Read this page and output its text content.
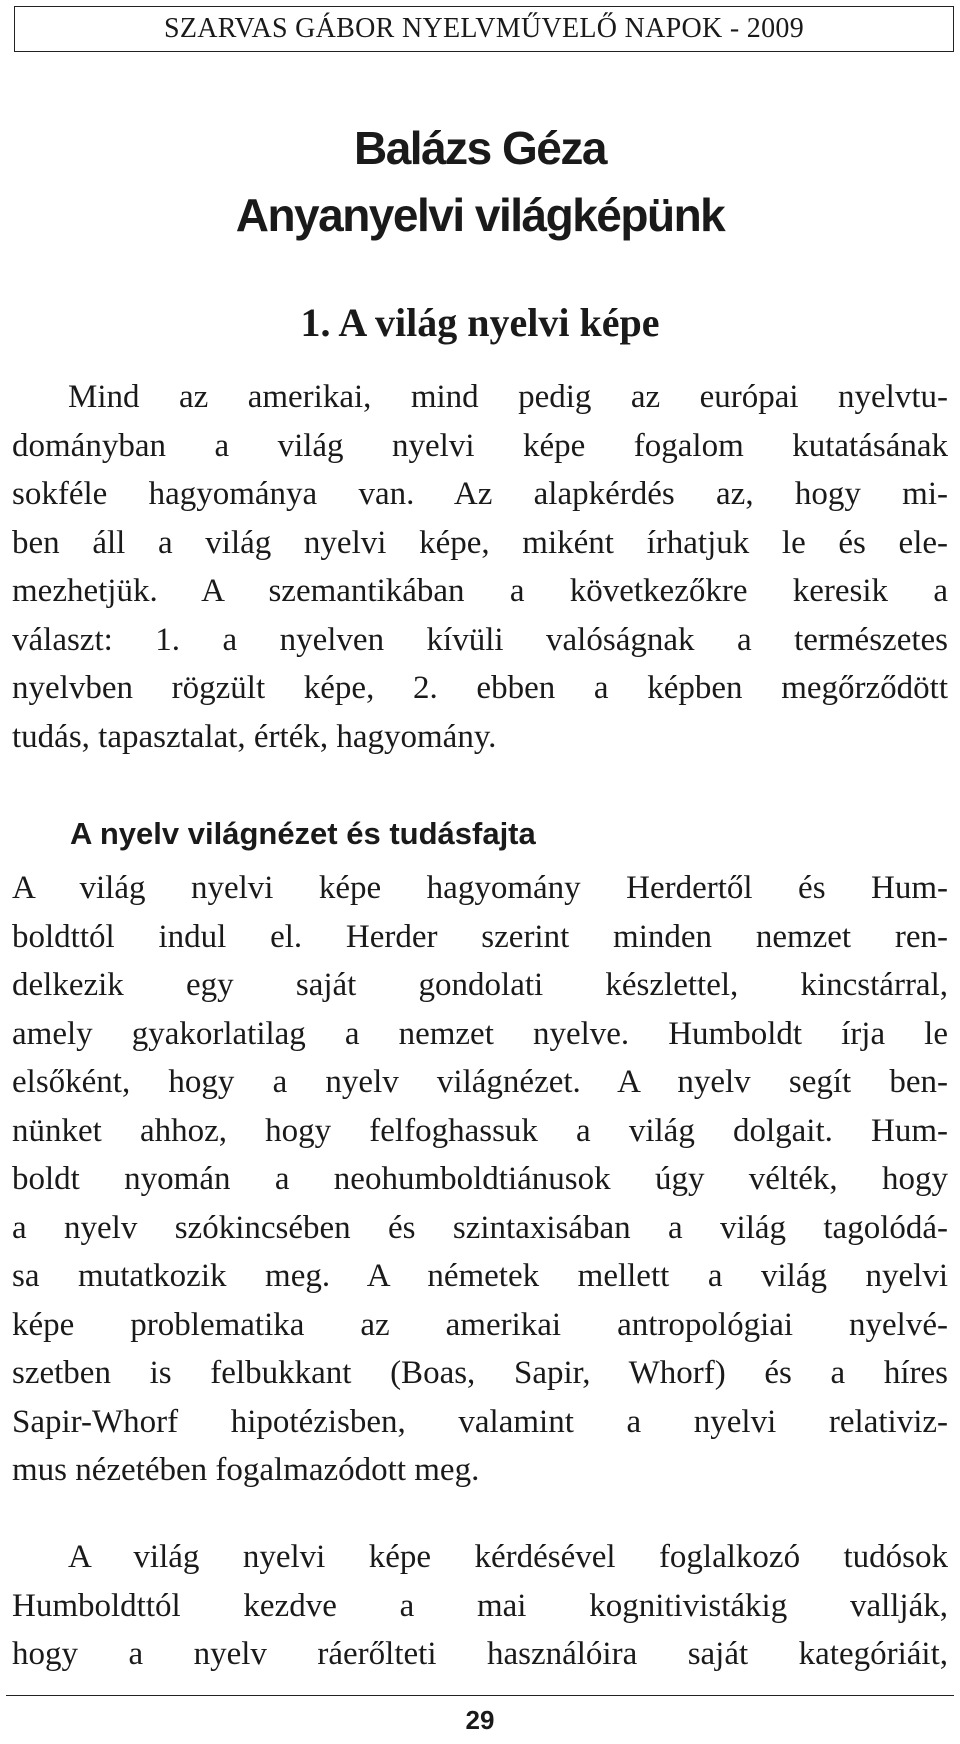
SZARVAS GÁBOR NYELVMŰVELŐ NAPOK - 2009
Balázs Géza
Anyanyelvi világképünk
1. A világ nyelvi képe
Mind az amerikai, mind pedig az európai nyelvtu-
dományban a világ nyelvi képe fogalom kutatásának
sokféle hagyománya van. Az alapkérdés az, hogy mi-
ben áll a világ nyelvi képe, miként írhatjuk le és ele-
mezhetjük. A szemantikában a következőkre keresik a
választ: 1. a nyelven kívüli valóságnak a természetes
nyelvben rögzült képe, 2. ebben a képben megőrződött
tudás, tapasztalat, érték, hagyomány.
A nyelv világnézet és tudásfajta
A világ nyelvi képe hagyomány Herdertől és Hum-
boldttól indul el. Herder szerint minden nemzet ren-
delkezik egy saját gondolati készlettel, kincstárral,
amely gyakorlatilag a nemzet nyelve. Humboldt írja le
elsőként, hogy a nyelv világnézet. A nyelv segít ben-
nünket ahhoz, hogy felfoghassuk a világ dolgait. Hum-
boldt nyomán a neohumboldtiánusok úgy vélték, hogy
a nyelv szókincsében és szintaxisában a világ tagolódá-
sa mutatkozik meg. A németek mellett a világ nyelvi
képe problematika az amerikai antropológiai nyelvé-
szetben is felbukkant (Boas, Sapir, Whorf) és a híres
Sapir-Whorf hipotézisben, valamint a nyelvi relativiz-
mus nézetében fogalmazódott meg.
A világ nyelvi képe kérdésével foglalkozó tudósok
Humboldttól kezdve a mai kognitivistákig vallják,
hogy a nyelv ráerőlteti használóira saját kategóriáit,
29
